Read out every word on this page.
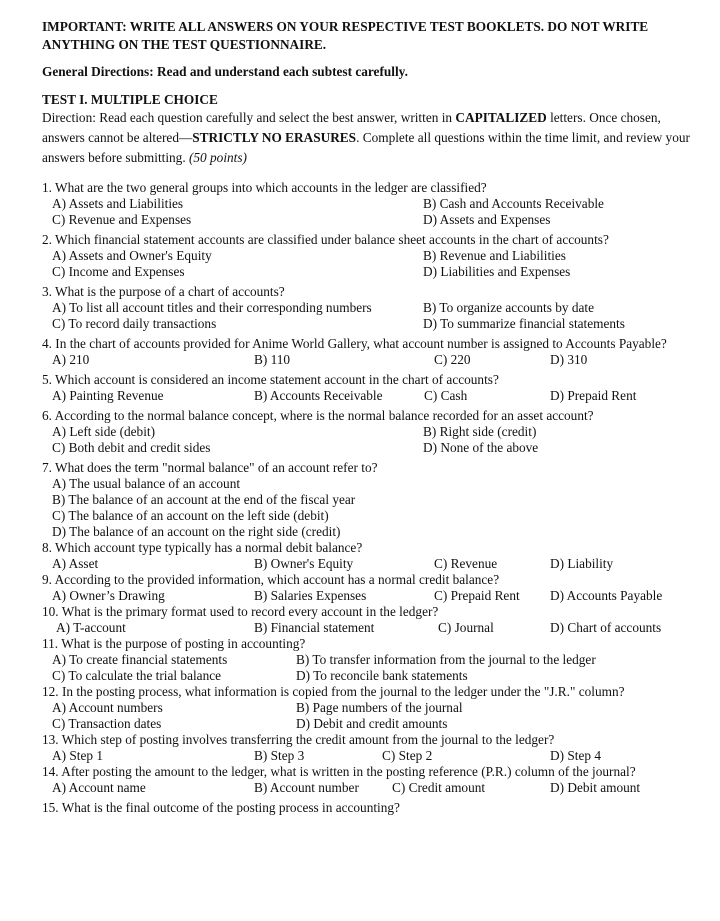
IMPORTANT: WRITE ALL ANSWERS ON YOUR RESPECTIVE TEST BOOKLETS. DO NOT WRITE ANYTHING ON THE TEST QUESTIONNAIRE.
General Directions: Read and understand each subtest carefully.
TEST I. MULTIPLE CHOICE
Direction: Read each question carefully and select the best answer, written in CAPITALIZED letters. Once chosen, answers cannot be altered—STRICTLY NO ERASURES. Complete all questions within the time limit, and review your answers before submitting. (50 points)
1. What are the two general groups into which accounts in the ledger are classified?
A) Assets and Liabilities	B) Cash and Accounts Receivable
C) Revenue and Expenses	D) Assets and Expenses
2. Which financial statement accounts are classified under balance sheet accounts in the chart of accounts?
A) Assets and Owner's Equity	B) Revenue and Liabilities
C) Income and Expenses	D) Liabilities and Expenses
3. What is the purpose of a chart of accounts?
A) To list all account titles and their corresponding numbers	B) To organize accounts by date
C) To record daily transactions	D) To summarize financial statements
4. In the chart of accounts provided for Anime World Gallery, what account number is assigned to Accounts Payable?
A) 210	B) 110	C) 220	D) 310
5. Which account is considered an income statement account in the chart of accounts?
A) Painting Revenue	B) Accounts Receivable	C) Cash	D) Prepaid Rent
6. According to the normal balance concept, where is the normal balance recorded for an asset account?
A) Left side (debit)	B) Right side (credit)
C) Both debit and credit sides	D) None of the above
7. What does the term "normal balance" of an account refer to?
A) The usual balance of an account
B) The balance of an account at the end of the fiscal year
C) The balance of an account on the left side (debit)
D) The balance of an account on the right side (credit)
8. Which account type typically has a normal debit balance?
A) Asset	B) Owner's Equity	C) Revenue	D) Liability
9. According to the provided information, which account has a normal credit balance?
A) Owner’s Drawing	B) Salaries Expenses	C) Prepaid Rent D) Accounts Payable
10. What is the primary format used to record every account in the ledger?
A) T-account	B) Financial statement	C) Journal	D) Chart of accounts
11. What is the purpose of posting in accounting?
A) To create financial statements	B) To transfer information from the journal to the ledger
C) To calculate the trial balance	D) To reconcile bank statements
12. In the posting process, what information is copied from the journal to the ledger under the "J.R." column?
A) Account numbers	B) Page numbers of the journal
C) Transaction dates	D) Debit and credit amounts
13. Which step of posting involves transferring the credit amount from the journal to the ledger?
A) Step 1	B) Step 3	C) Step 2	D) Step 4
14. After posting the amount to the ledger, what is written in the posting reference (P.R.) column of the journal?
A) Account name	B) Account number C) Credit amount	D) Debit amount
15. What is the final outcome of the posting process in accounting?
